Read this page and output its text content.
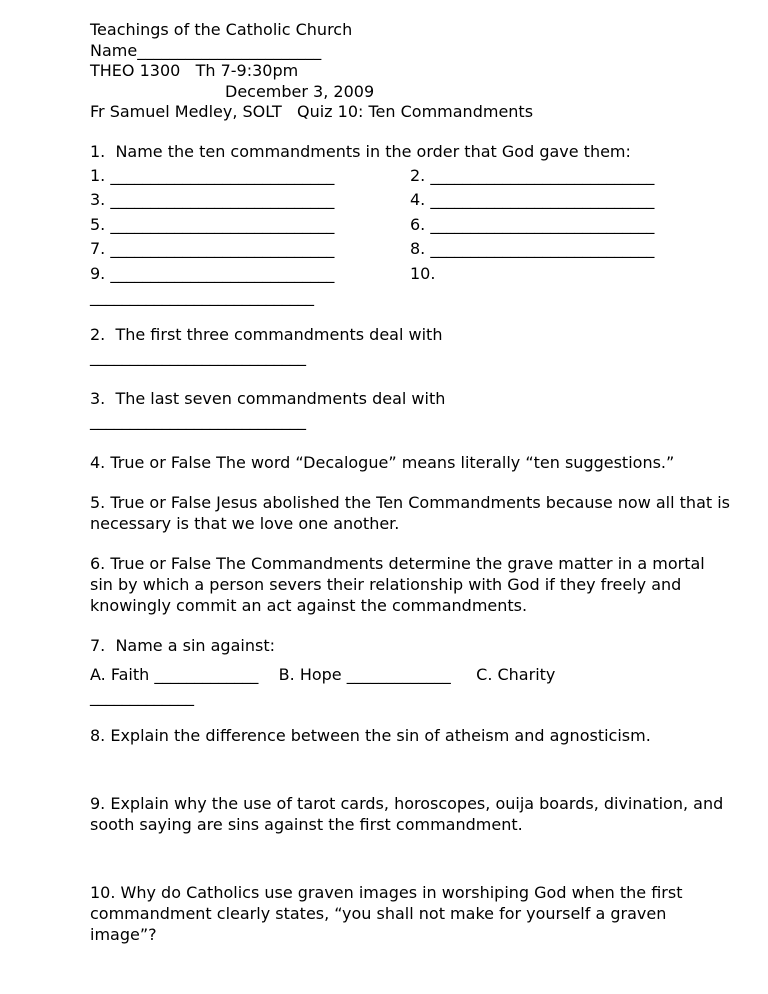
Teachings of the Catholic Church
Name_______________________
THEO 1300   Th 7-9:30pm
December 3, 2009
Fr Samuel Medley, SOLT   Quiz 10: Ten Commandments
1.  Name the ten commandments in the order that God gave them:
1. ____________________________	2. ____________________________
3. ____________________________	4. ____________________________
5. ____________________________	6. ____________________________
7. ____________________________	8. ____________________________
9. ____________________________	10.
____________________________
2.  The first three commandments deal with
___________________________
3.  The last seven commandments deal with
___________________________
4. True or False The word “Decalogue” means literally “ten suggestions.”
5. True or False Jesus abolished the Ten Commandments because now all that is necessary is that we love one another.
6. True or False The Commandments determine the grave matter in a mortal sin by which a person severs their relationship with God if they freely and knowingly commit an act against the commandments.
7.  Name a sin against:
A. Faith _____________    B. Hope _____________     C. Charity
_____________
8. Explain the difference between the sin of atheism and agnosticism.
9. Explain why the use of tarot cards, horoscopes, ouija boards, divination, and sooth saying are sins against the first commandment.
10. Why do Catholics use graven images in worshiping God when the first commandment clearly states, “you shall not make for yourself a graven image”?
